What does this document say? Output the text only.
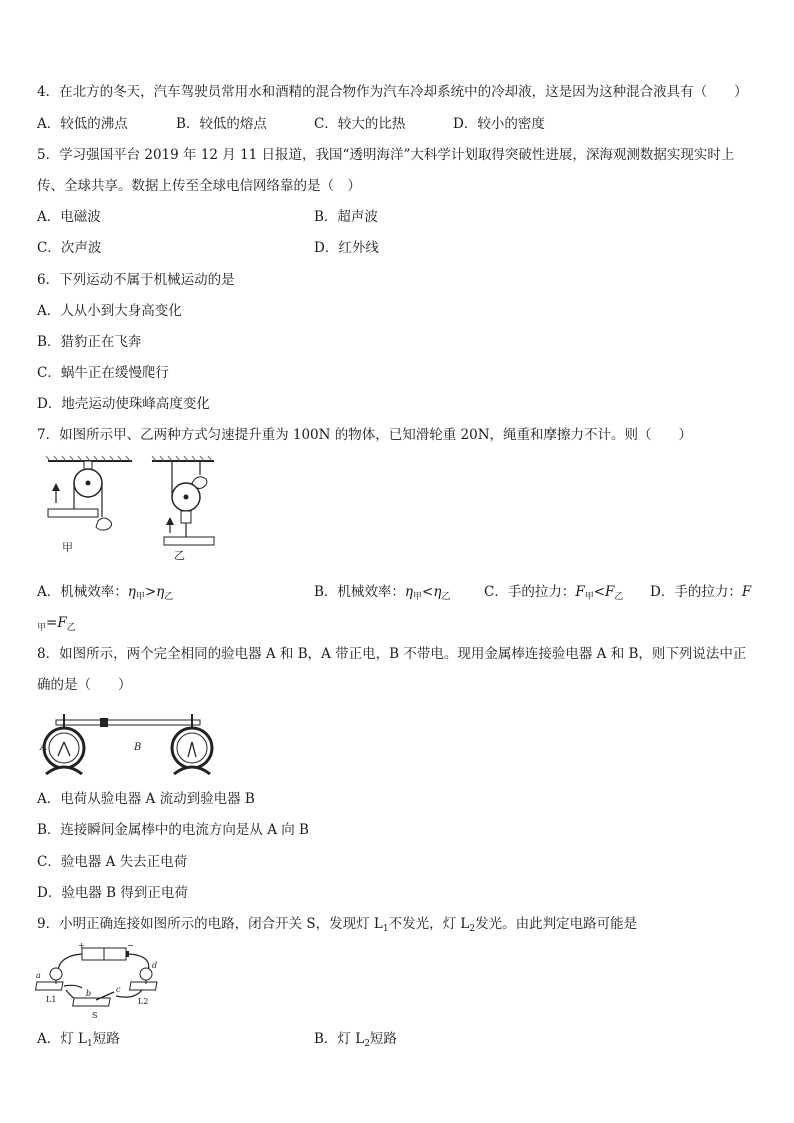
4．在北方的冬天，汽车驾驶员常用水和酒精的混合物作为汽车冷却系统中的冷却液，这是因为这种混合液具有（　　）
A．较低的沸点	B．较低的熔点	C．较大的比热	D．较小的密度
5．学习强国平台 2019 年 12 月 11 日报道，我国“透明海洋”大科学计划取得突破性进展，深海观测数据实现实时上
传、全球共享。数据上传至全球电信网络靠的是（　）
A．电磁波	B．超声波
C．次声波	D．红外线
6．下列运动不属于机械运动的是
A．人从小到大身高变化
B．猎豹正在飞奔
C．蜗牛正在缓慢爬行
D．地壳运动使珠峰高度变化
7．如图所示甲、乙两种方式匀速提升重为 100N 的物体，已知滑轮重 20N，绳重和摩擦力不计。则（　　）
甲
乙
A．机械效率：$\eta_甲>\eta_乙$	B．机械效率：$\eta_甲<\eta_乙$ C．手的拉力：$F_甲<F_乙$ D．手的拉力：F
$_甲=F_乙$
8．如图所示，两个完全相同的验电器 A 和 B，A 带正电，B 不带电。现用金属棒连接验电器 A 和 B，则下列说法中正
确的是（　　）
A	B
A．电荷从验电器 A 流动到验电器 B
B．连接瞬间金属棒中的电流方向是从 A 向 B
C．验电器 A 失去正电荷
D．验电器 B 得到正电荷
9．小明正确连接如图所示的电路，闭合开关 S，发现灯 $L_1$不发光，灯 $L_2$发光。由此判定电路可能是
+	−
a
L1
d
L2
b	c
S
A．灯 $L_1$短路	B．灯 $L_2$短路
